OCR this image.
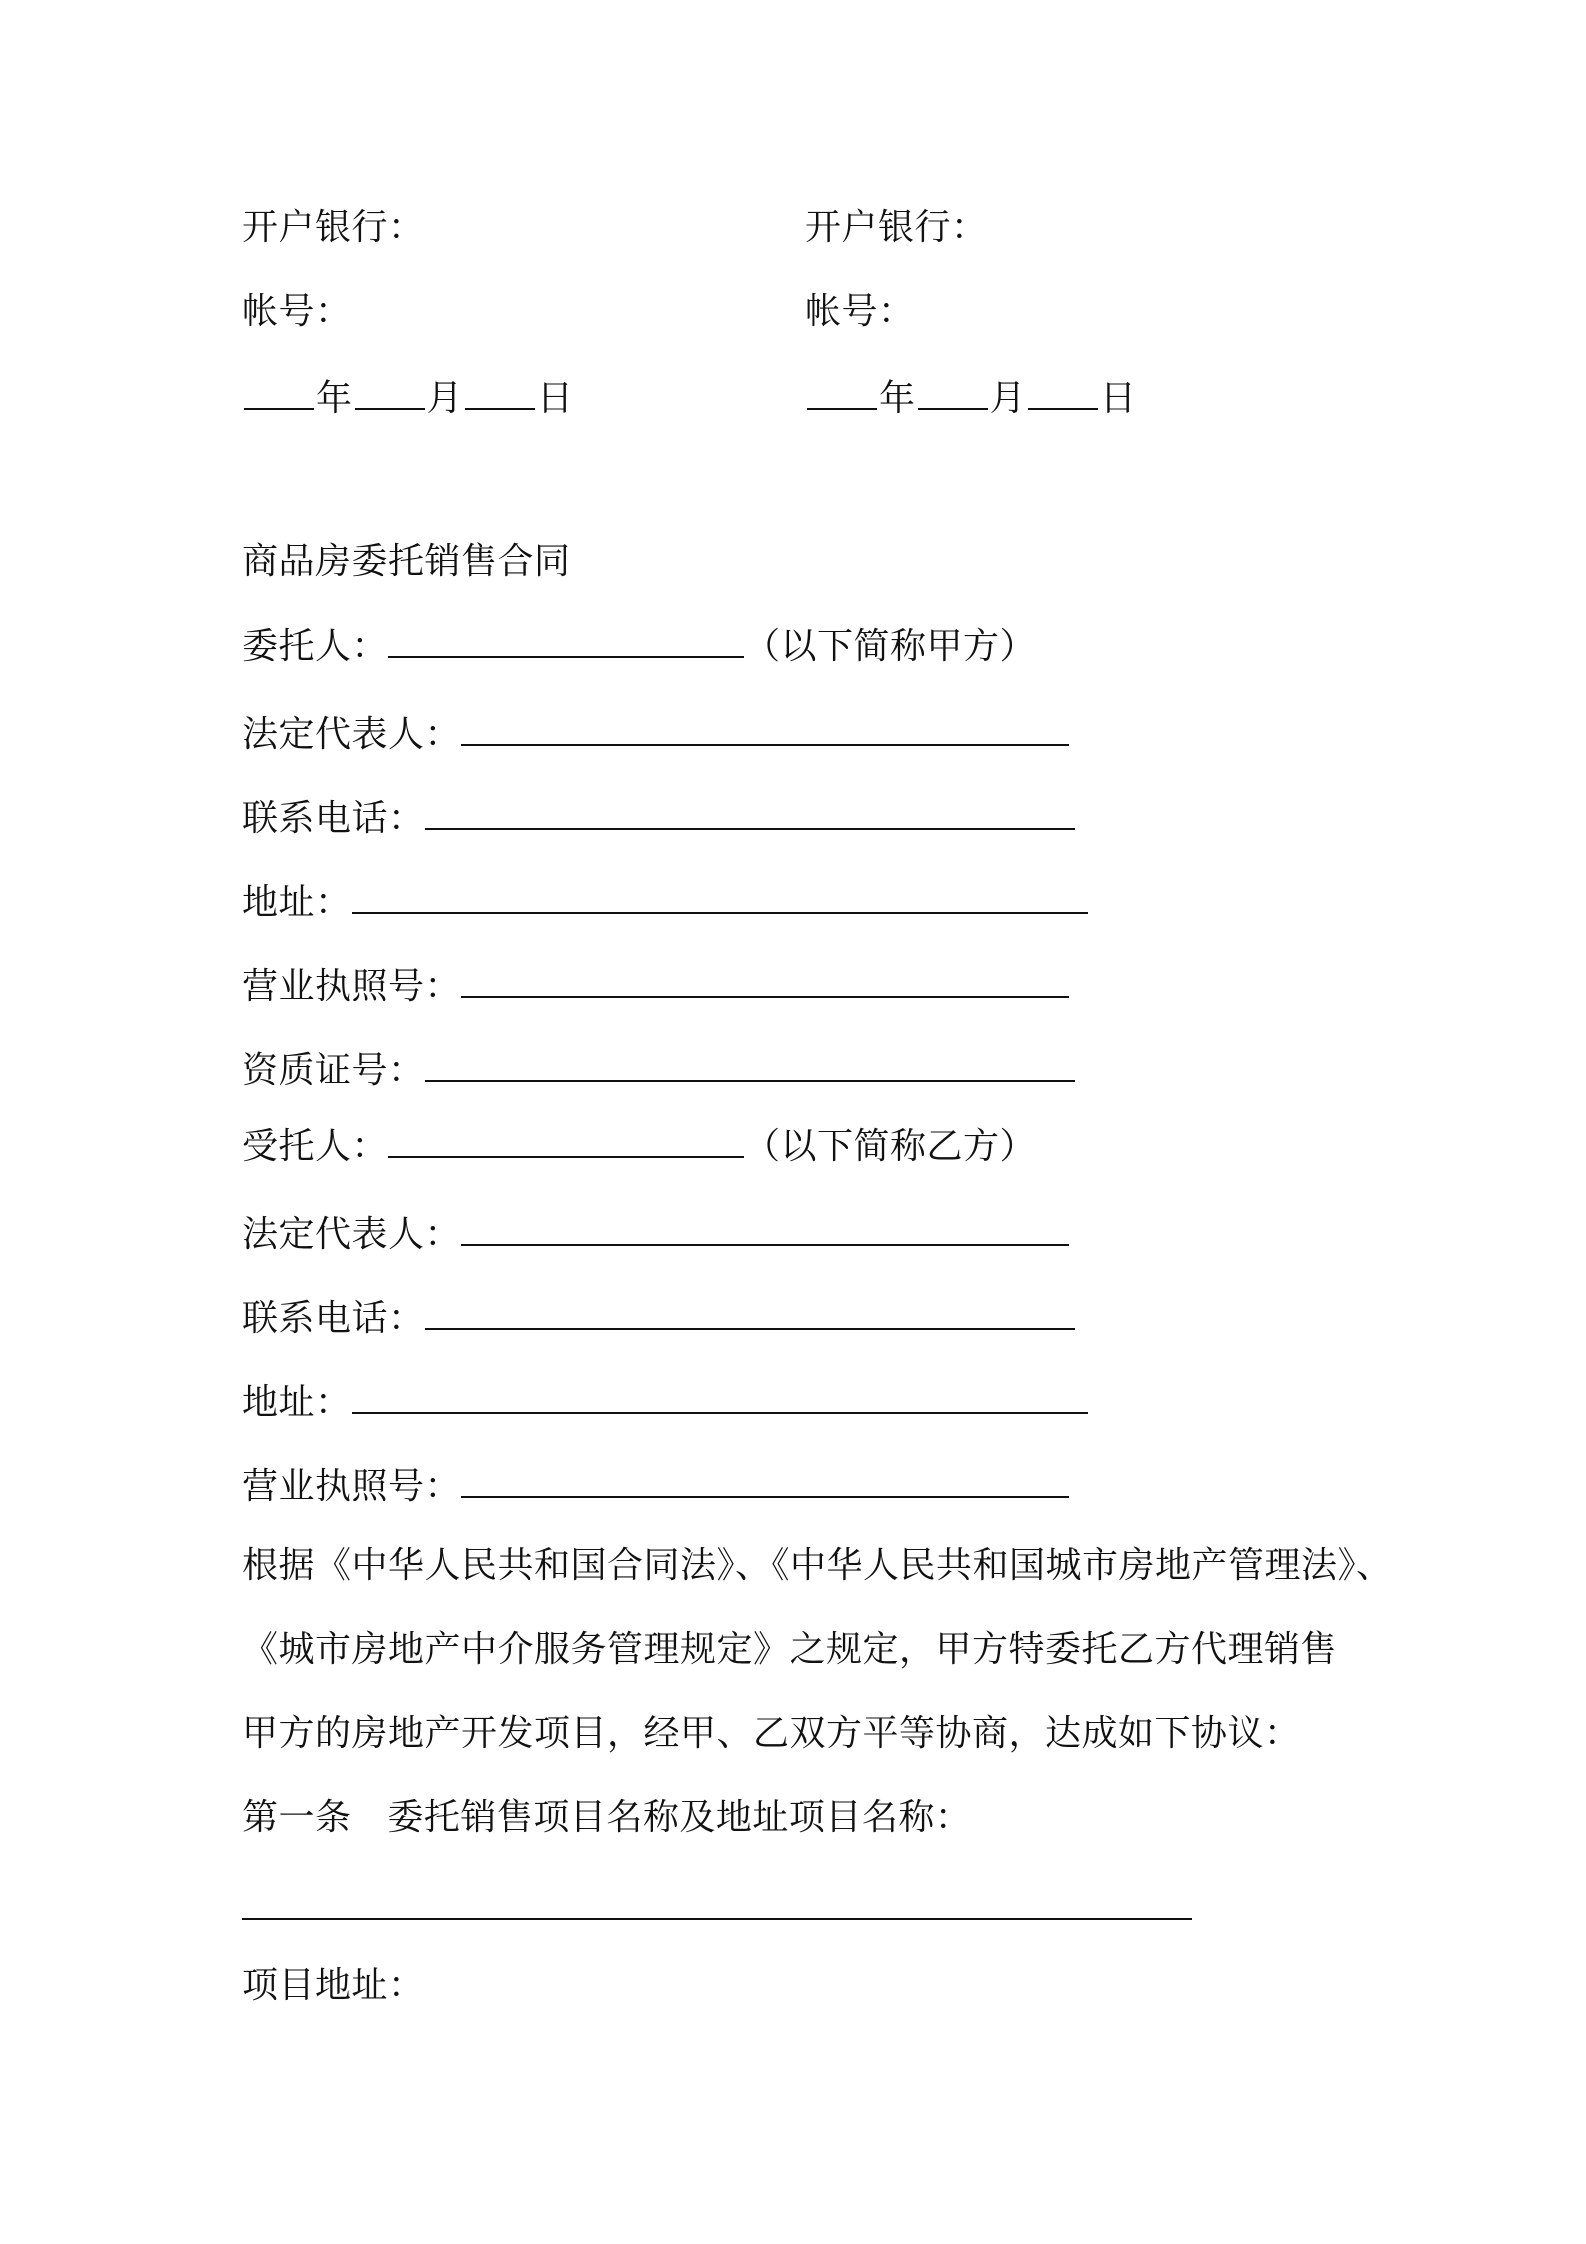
开户银行：
帐号：
年 月 日
开户银行：
帐号：
年 月 日
商品房委托销售合同
委托人：	（以下简称甲方）
法定代表人：
联系电话：
地址：
营业执照号：
资质证号：
受托人：	（以下简称乙方）
法定代表人：
联系电话：
地址：
营业执照号：
根据《中华人民共和国合同法》、《中华人民共和国城市房地产管理法》、
《城市房地产中介服务管理规定》之规定，甲方特委托乙方代理销售
甲方的房地产开发项目，经甲、乙双方平等协商，达成如下协议：
第一条 委托销售项目名称及地址项目名称：
项目地址：
